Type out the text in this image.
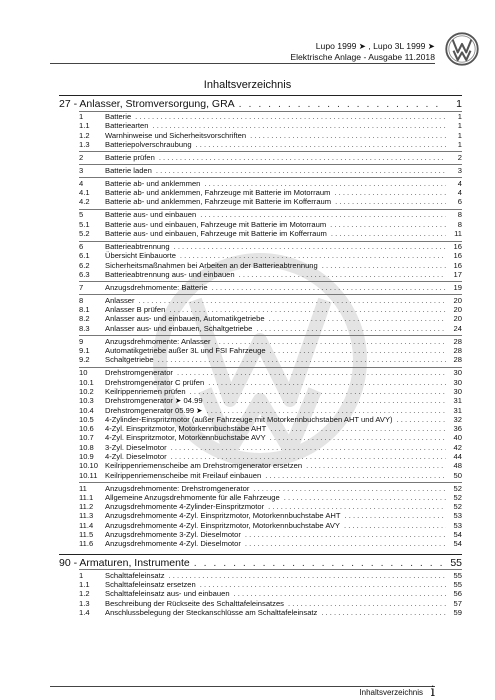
Lupo 1999 ➤ , Lupo 3L 1999 ➤
Elektrische Anlage - Ausgabe 11.2018
Inhaltsverzeichnis
27 - Anlasser, Stromversorgung, GRA . . .	1
1	Batterie . . .	1
1.1	Batteriearten . . .	1
1.2	Warnhinweise und Sicherheitsvorschriften . . .	1
1.3	Batteriepolverschraubung . . .	1
2	Batterie prüfen . . .	2
3	Batterie laden . . .	3
4	Batterie ab- und anklemmen . . .	4
4.1	Batterie ab- und anklemmen, Fahrzeuge mit Batterie im Motorraum . . .	4
4.2	Batterie ab- und anklemmen, Fahrzeuge mit Batterie im Kofferraum . . .	6
5	Batterie aus- und einbauen . . .	8
5.1	Batterie aus- und einbauen, Fahrzeuge mit Batterie im Motorraum . . .	8
5.2	Batterie aus- und einbauen, Fahrzeuge mit Batterie im Kofferraum . . .	11
6	Batterieabtrennung . . .	16
6.1	Übersicht Einbauorte . . .	16
6.2	Sicherheitsmaßnahmen bei Arbeiten an der Batterieabtrennung . . .	16
6.3	Batterieabtrennung aus- und einbauen . . .	17
7	Anzugsdrehmomente: Batterie . . .	19
8	Anlasser . . .	20
8.1	Anlasser B prüfen . . .	20
8.2	Anlasser aus- und einbauen, Automatikgetriebe . . .	20
8.3	Anlasser aus- und einbauen, Schaltgetriebe . . .	24
9	Anzugsdrehmomente: Anlasser . . .	28
9.1	Automatikgetriebe außer 3L und FSI Fahrzeuge . . .	28
9.2	Schaltgetriebe . . .	28
10	Drehstromgenerator . . .	30
10.1	Drehstromgenerator C prüfen . . .	30
10.2	Keilrippenriemen prüfen . . .	30
10.3	Drehstromgenerator ➤ 04.99 . . .	31
10.4	Drehstromgenerator 05.99 ➤ . . .	31
10.5	4-Zylinder-Einspritzmotor (außer Fahrzeuge mit Motorkennbuchstaben AHT und AVY) . . .	32
10.6	4-Zyl. Einspritzmotor, Motorkennbuchstabe AHT . . .	36
10.7	4-Zyl. Einspritzmotor, Motorkennbuchstabe AVY . . .	40
10.8	3-Zyl. Dieselmotor . . .	42
10.9	4-Zyl. Dieselmotor . . .	44
10.10 Keilrippenriemenscheibe am Drehstromgenerator ersetzen . . .	48
10.11 Keilrippenriemenscheibe mit Freilauf einbauen . . .	50
11	Anzugsdrehmomente: Drehstromgenerator . . .	52
11.1	Allgemeine Anzugsdrehmomente für alle Fahrzeuge . . .	52
11.2	Anzugsdrehmomente 4-Zylinder-Einspritzmotor . . .	52
11.3	Anzugsdrehmomente 4-Zyl. Einspritzmotor, Motorkennbuchstabe AHT . . .	53
11.4	Anzugsdrehmomente 4-Zyl. Einspritzmotor, Motorkennbuchstabe AVY . . .	53
11.5	Anzugsdrehmomente 3-Zyl. Dieselmotor . . .	54
11.6	Anzugsdrehmomente 4-Zyl. Dieselmotor . . .	54
90 - Armaturen, Instrumente . . .	55
1	Schalttafeleinsatz . . .	55
1.1	Schalttafeleinsatz ersetzen . . .	55
1.2	Schalttafeleinsatz aus- und einbauen . . .	56
1.3	Beschreibung der Rückseite des Schalttafeleinsatzes . . .	57
1.4	Anschlussbelegung der Steckanschlüsse am Schalttafeleinsatz . . .	59
Inhaltsverzeichnis i
